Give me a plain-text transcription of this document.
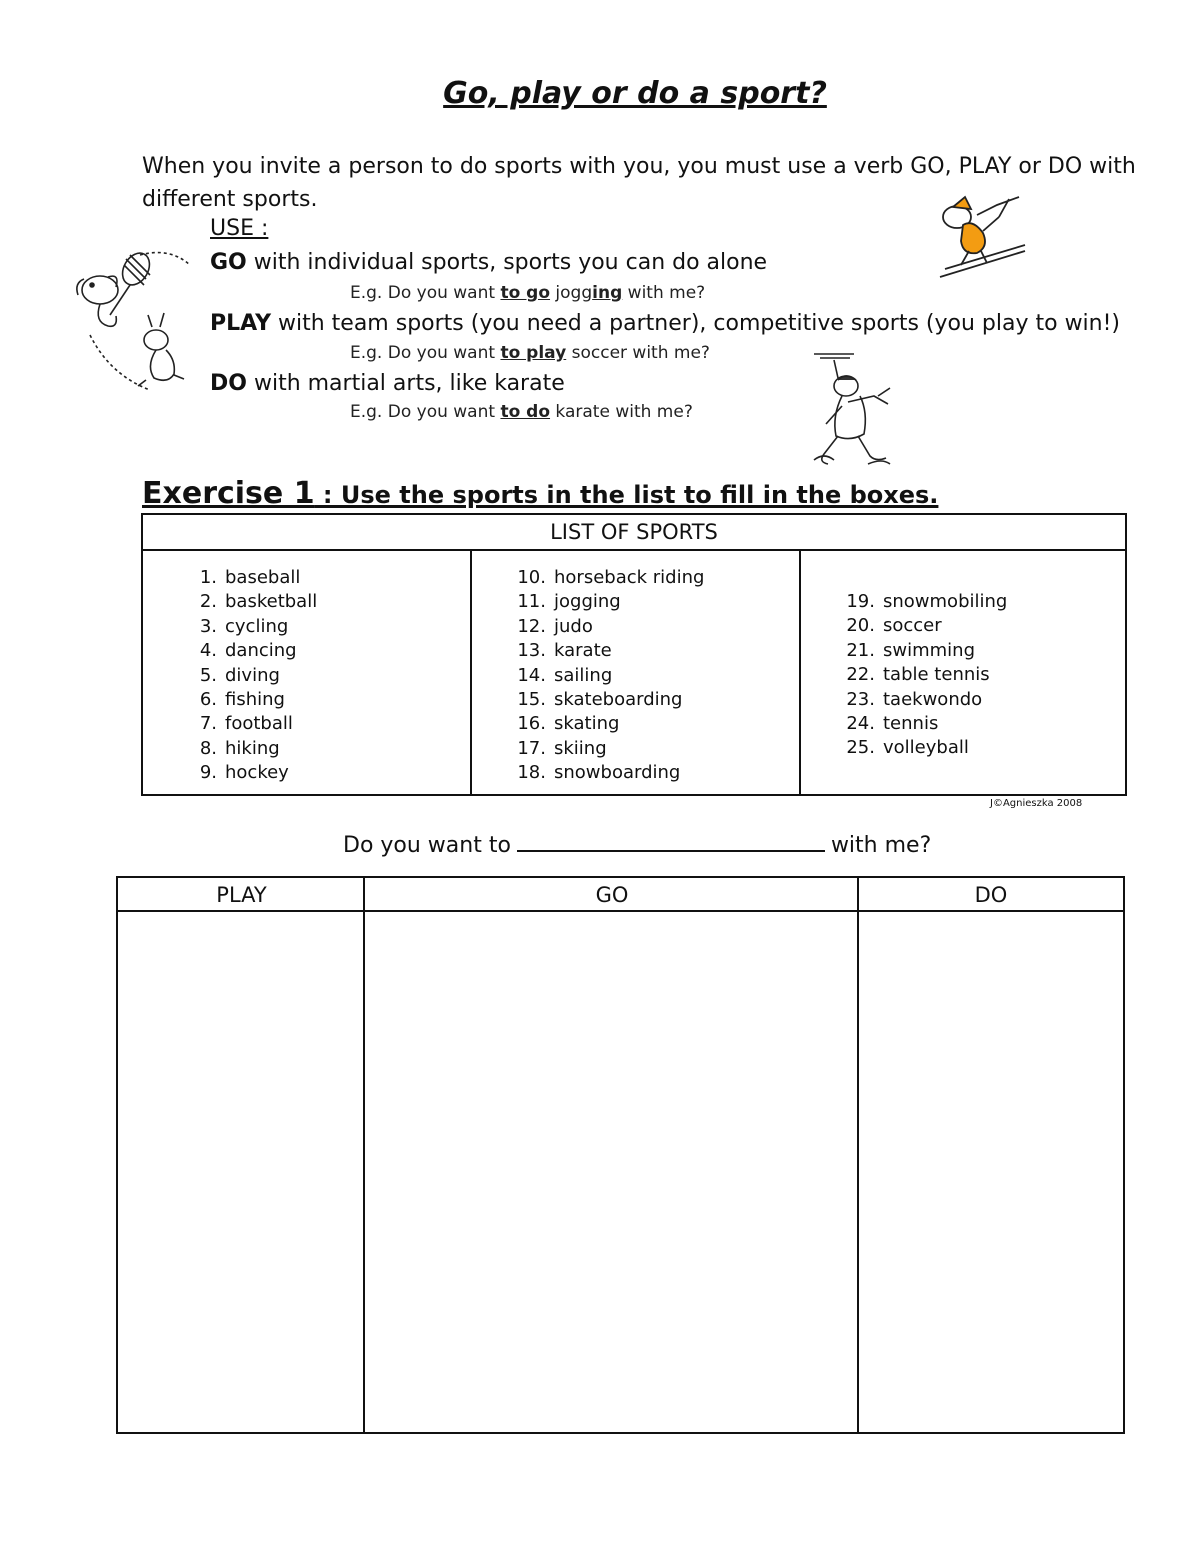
Go, play or do a sport?
When you invite a person to do sports with you, you must use a verb GO, PLAY or DO with different sports.
USE :
GO with individual sports, sports you can do alone
E.g. Do you want to go jogging with me?
PLAY with team sports (you need a partner), competitive sports (you play to win!)
E.g. Do you want to play soccer with me?
DO with martial arts, like karate
E.g. Do you want to do karate with me?
Exercise 1 : Use the sports in the list to fill in the boxes.
LIST OF SPORTS
1. baseball
2. basketball
3. cycling
4. dancing
5. diving
6. fishing
7. football
8. hiking
9. hockey
10. horseback riding
11. jogging
12. judo
13. karate
14. sailing
15. skateboarding
16. skating
17. skiing
18. snowboarding
19. snowmobiling
20. soccer
21. swimming
22. table tennis
23. taekwondo
24. tennis
25. volleyball
J©Agnieszka 2008
Do you want to	with me?
PLAY	GO	DO
